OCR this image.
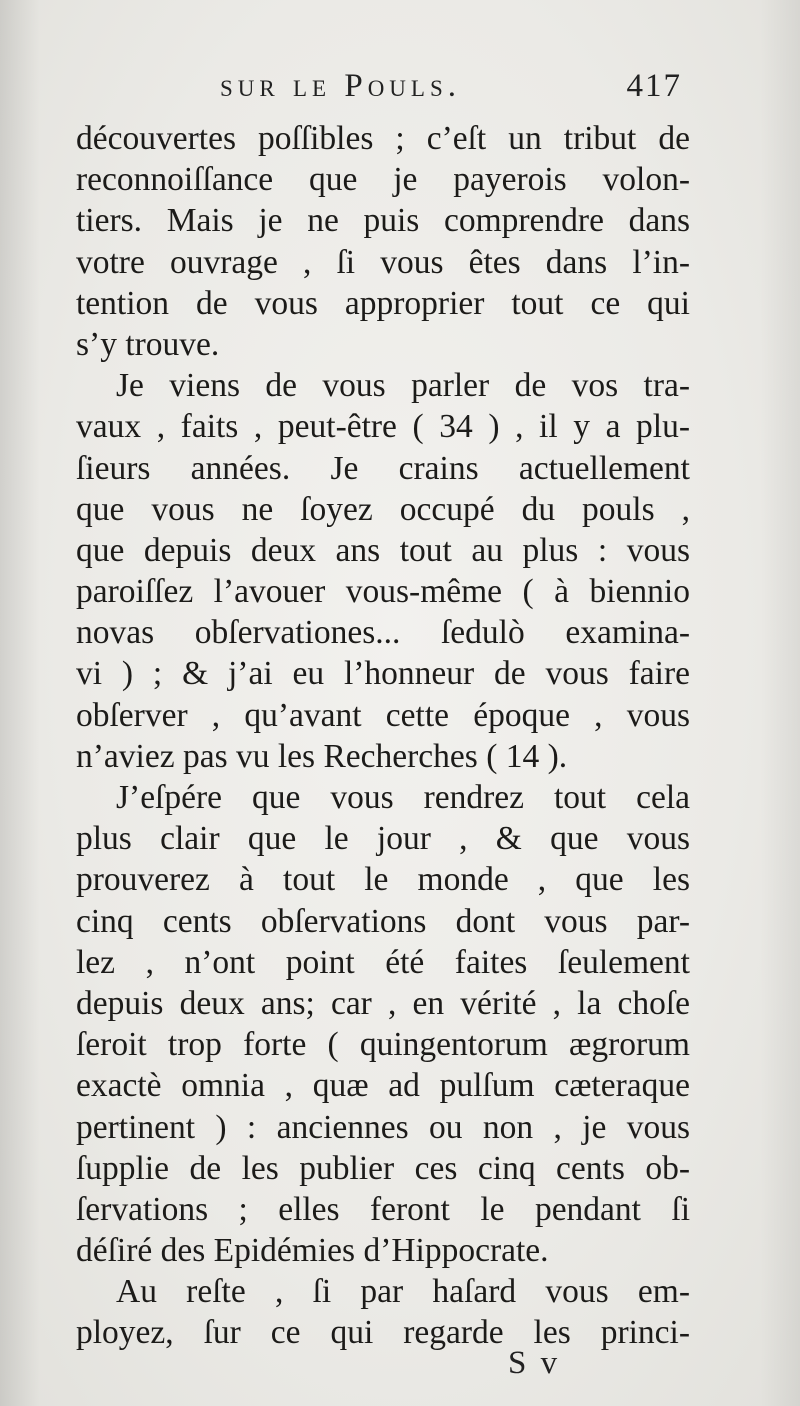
sur le Pouls.	417
découvertes poſſibles ; c’eſt un tribut de
reconnoiſſance que je payerois volon-
tiers. Mais je ne puis comprendre dans
votre ouvrage , ſi vous êtes dans l’in-
tention de vous approprier tout ce qui
s’y trouve.
Je viens de vous parler de vos tra-
vaux , faits , peut-être ( 34 ) , il y a plu-
ſieurs années. Je crains actuellement
que vous ne ſoyez occupé du pouls ,
que depuis deux ans tout au plus : vous
paroiſſez l’avouer vous-même ( à biennio
novas obſervationes... ſedulò examina-
vi ) ; & j’ai eu l’honneur de vous faire
obſerver , qu’avant cette époque , vous
n’aviez pas vu les Recherches ( 14 ).
J’eſpére que vous rendrez tout cela
plus clair que le jour , & que vous
prouverez à tout le monde , que les
cinq cents obſervations dont vous par-
lez , n’ont point été faites ſeulement
depuis deux ans; car , en vérité , la choſe
ſeroit trop forte ( quingentorum ægrorum
exactè omnia , quæ ad pulſum cæteraque
pertinent ) : anciennes ou non , je vous
ſupplie de les publier ces cinq cents ob-
ſervations ; elles feront le pendant ſi
déſiré des Epidémies d’Hippocrate.
Au reſte , ſi par haſard vous em-
ployez, ſur ce qui regarde les princi-
S v
